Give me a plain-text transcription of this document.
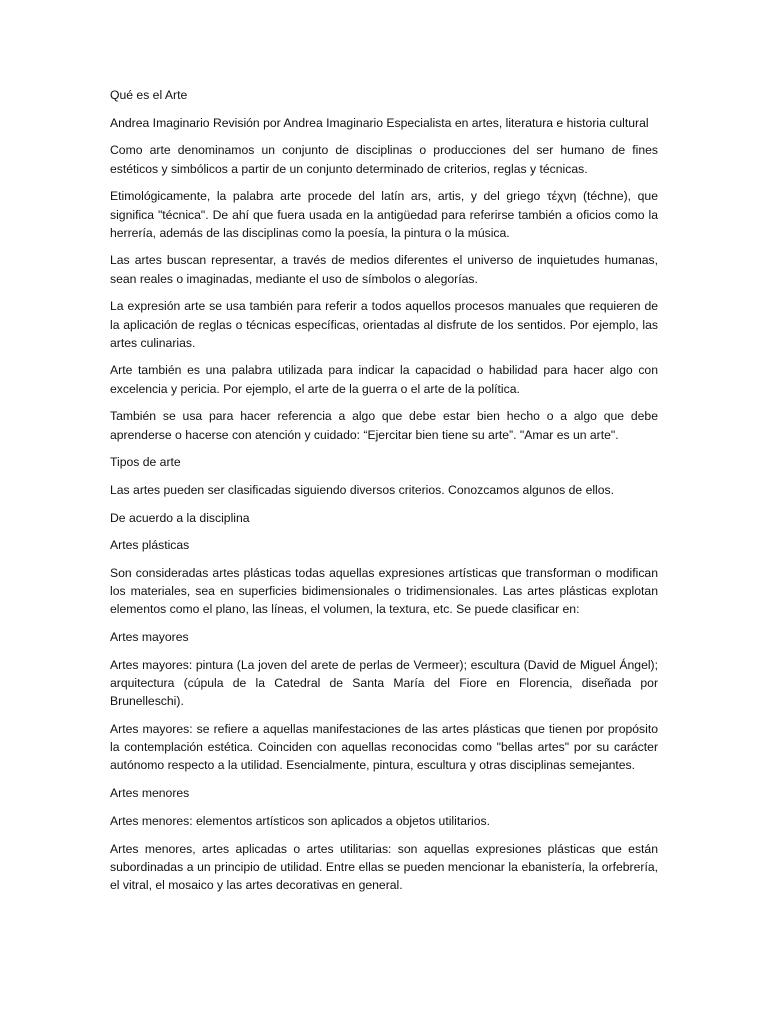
Qué es el Arte

Andrea Imaginario Revisión por Andrea Imaginario Especialista en artes, literatura e historia cultural

Como arte denominamos un conjunto de disciplinas o producciones del ser humano de fines estéticos y simbólicos a partir de un conjunto determinado de criterios, reglas y técnicas.

Etimológicamente, la palabra arte procede del latín ars, artis, y del griego τέχνη (téchne), que significa "técnica". De ahí que fuera usada en la antigüedad para referirse también a oficios como la herrería, además de las disciplinas como la poesía, la pintura o la música.

Las artes buscan representar, a través de medios diferentes el universo de inquietudes humanas, sean reales o imaginadas, mediante el uso de símbolos o alegorías.

La expresión arte se usa también para referir a todos aquellos procesos manuales que requieren de la aplicación de reglas o técnicas específicas, orientadas al disfrute de los sentidos. Por ejemplo, las artes culinarias.

Arte también es una palabra utilizada para indicar la capacidad o habilidad para hacer algo con excelencia y pericia. Por ejemplo, el arte de la guerra o el arte de la política.

También se usa para hacer referencia a algo que debe estar bien hecho o a algo que debe aprenderse o hacerse con atención y cuidado: “Ejercitar bien tiene su arte”. "Amar es un arte".

Tipos de arte

Las artes pueden ser clasificadas siguiendo diversos criterios. Conozcamos algunos de ellos.

De acuerdo a la disciplina

Artes plásticas

Son consideradas artes plásticas todas aquellas expresiones artísticas que transforman o modifican los materiales, sea en superficies bidimensionales o tridimensionales. Las artes plásticas explotan elementos como el plano, las líneas, el volumen, la textura, etc. Se puede clasificar en:

Artes mayores

Artes mayores: pintura (La joven del arete de perlas de Vermeer); escultura (David de Miguel Ángel); arquitectura (cúpula de la Catedral de Santa María del Fiore en Florencia, diseñada por Brunelleschi).

Artes mayores: se refiere a aquellas manifestaciones de las artes plásticas que tienen por propósito la contemplación estética. Coinciden con aquellas reconocidas como "bellas artes" por su carácter autónomo respecto a la utilidad. Esencialmente, pintura, escultura y otras disciplinas semejantes.

Artes menores

Artes menores: elementos artísticos son aplicados a objetos utilitarios.

Artes menores, artes aplicadas o artes utilitarias: son aquellas expresiones plásticas que están subordinadas a un principio de utilidad. Entre ellas se pueden mencionar la ebanistería, la orfebrería, el vitral, el mosaico y las artes decorativas en general.
